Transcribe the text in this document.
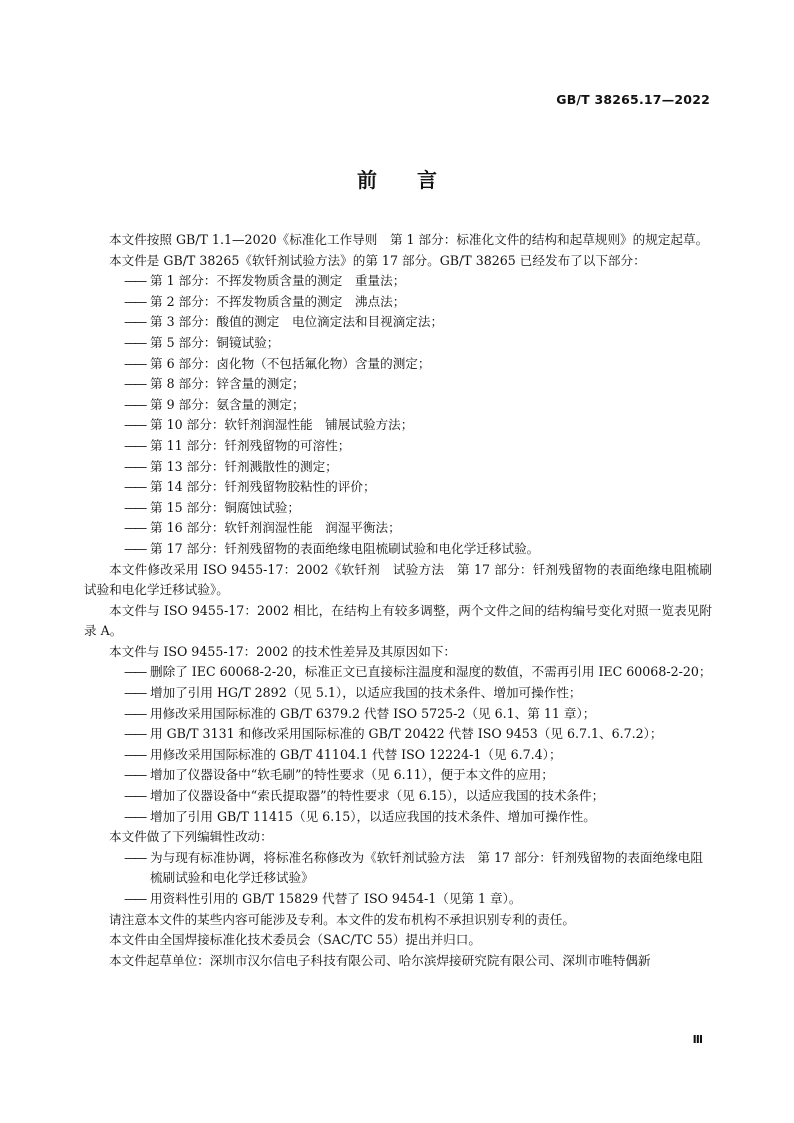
GB/T 38265.17—2022
前言

本文件按照 GB/T 1.1—2020《标准化工作导则　第 1 部分：标准化文件的结构和起草规则》的规定起草。

本文件是 GB/T 38265《软钎剂试验方法》的第 17 部分。GB/T 38265 已经发布了以下部分：

—— 第 1 部分：不挥发物质含量的测定　重量法；

—— 第 2 部分：不挥发物质含量的测定　沸点法；

—— 第 3 部分：酸值的测定　电位滴定法和目视滴定法；

—— 第 5 部分：铜镜试验；

—— 第 6 部分：卤化物（不包括氟化物）含量的测定；

—— 第 8 部分：锌含量的测定；

—— 第 9 部分：氨含量的测定；

—— 第 10 部分：软钎剂润湿性能　铺展试验方法；

—— 第 11 部分：钎剂残留物的可溶性；

—— 第 13 部分：钎剂溅散性的测定；

—— 第 14 部分：钎剂残留物胶粘性的评价；

—— 第 15 部分：铜腐蚀试验；

—— 第 16 部分：软钎剂润湿性能　润湿平衡法；

—— 第 17 部分：钎剂残留物的表面绝缘电阻梳刷试验和电化学迁移试验。

本文件修改采用 ISO 9455-17：2002《软钎剂　试验方法　第 17 部分：钎剂残留物的表面绝缘电阻梳刷试验和电化学迁移试验》。

本文件与 ISO 9455-17：2002 相比，在结构上有较多调整，两个文件之间的结构编号变化对照一览表见附录 A。

本文件与 ISO 9455-17：2002 的技术性差异及其原因如下：

—— 删除了 IEC 60068-2-20，标准正文已直接标注温度和湿度的数值，不需再引用 IEC 60068-2-20；

—— 增加了引用 HG/T 2892（见 5.1），以适应我国的技术条件、增加可操作性；

—— 用修改采用国际标准的 GB/T 6379.2 代替 ISO 5725-2（见 6.1、第 11 章）；

—— 用 GB/T 3131 和修改采用国际标准的 GB/T 20422 代替 ISO 9453（见 6.7.1、6.7.2）；

—— 用修改采用国际标准的 GB/T 41104.1 代替 ISO 12224-1（见 6.7.4）；

—— 增加了仪器设备中“软毛刷”的特性要求（见 6.11），便于本文件的应用；

—— 增加了仪器设备中“索氏提取器”的特性要求（见 6.15），以适应我国的技术条件；

—— 增加了引用 GB/T 11415（见 6.15），以适应我国的技术条件、增加可操作性。

本文件做了下列编辑性改动：

—— 为与现有标准协调，将标准名称修改为《软钎剂试验方法　第 17 部分：钎剂残留物的表面绝缘电阻梳刷试验和电化学迁移试验》

—— 用资料性引用的 GB/T 15829 代替了 ISO 9454-1（见第 1 章）。

请注意本文件的某些内容可能涉及专利。本文件的发布机构不承担识别专利的责任。

本文件由全国焊接标准化技术委员会（SAC/TC 55）提出并归口。

本文件起草单位：深圳市汉尔信电子科技有限公司、哈尔滨焊接研究院有限公司、深圳市唯特偶新

Ⅲ
